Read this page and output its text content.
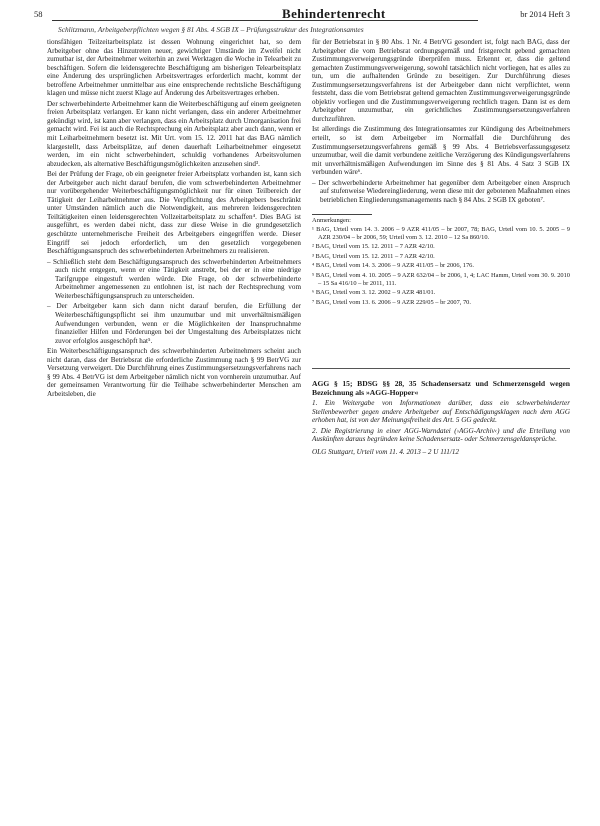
58	Behindertenrecht	br 2014 Heft 3
Schlitzmann, Arbeitgeberpflichten wegen § 81 Abs. 4 SGB IX – Prüfungsstruktur des Integrationsamtes

tionsfähigen Teilzeitarbeitsplatz ist dessen Wohnung eingerichtet hat, so dem Arbeitgeber ohne das Hinzutreten neuer, gewichtiger Umstände im Zweifel nicht zumutbar ist, der Arbeitnehmer weiterhin an zwei Werktagen die Woche in Telearbeit zu beschäftigen. Sofern die leidensgerechte Beschäftigung am bisherigen Telearbeitsplatz eine Änderung des ursprünglichen Arbeitsvertrages erforderlich macht, kommt der betroffene Arbeitnehmer unmittelbar aus eine entsprechende rechtsliche Beschäftigung klagen und müsse nicht zuerst Klage auf Änderung des Arbeitsvertrages erheben.

Der schwerbehinderte Arbeitnehmer kann die Weiterbeschäftigung auf einem geeigneten freien Arbeitsplatz verlangen. Er kann nicht verlangen, dass ein anderer Arbeitnehmer gekündigt wird, ist kann aber verlangen, dass ein Arbeitsplatz durch Umorganisation frei gemacht wird. Fei ist auch die Rechtsprechung ein Arbeitsplatz aber auch dann, wenn er mit Leiharbeitnehmern besetzt ist. Mit Urt. vom 15. 12. 2011 hat das BAG nämlich klargestellt, dass Arbeitsplätze, auf denen dauerhaft Leiharbeitnehmer eingesetzt werden, im ein nicht schwerbehindert, schuldig vorhandenes Arbeitsvolumen abzudecken, als alternative Beschäftigungsmöglichkeiten anzusehen sind³.

Bei der Prüfung der Frage, ob ein geeigneter freier Arbeitsplatz vorhanden ist, kann sich der Arbeitgeber auch nicht darauf berufen, die vom schwerbehinderten Arbeitnehmer nur vorübergehender Weiterbeschäftigungsmöglichkeit nur für einen Teilbereich der Tätigkeit der Leiharbeitnehmer aus. Die Verpflichtung des Arbeitgebers beschränkt unter Umständen nämlich auch die Notwendigkeit, aus mehreren leidensgerechten Teiltätigkeiten einen leidensgerechten Vollzeitarbeitsplatz zu schaffen⁴. Dies BAG ist ausgeführt, es werden dabei nicht, dass zur diese Weise in die grundgesetzlich geschützte unternehmerische Freiheit des Arbeitgebers eingegriffen werde. Dieser Eingriff sei jedoch erforderlich, um den gesetzlich vorgegebenen Beschäftigungsanspruch des schwerbehinderten Arbeitnehmers zu realisieren.

– Schließlich steht dem Beschäftigungsanspruch des schwerbehinderten Arbeitnehmers auch nicht entgegen, wenn er eine Tätigkeit anstrebt, bei der er in eine niedrige Tarifgruppe eingestuft werden würde. Die Frage, ob der schwerbehinderte Arbeitnehmer angemessenen zu entlohnen ist, ist nach der Rechtsprechung vom Weiterbeschäftigungsanspruch zu unterscheiden.

– Der Arbeitgeber kann sich dann nicht darauf berufen, die Erfüllung der Weiterbeschäftigungspflicht sei ihm unzumutbar und mit unverhältnismäßigen Aufwendungen verbunden, wenn er die Möglichkeiten der Inanspruchnahme finanzieller Hilfen und Förderungen bei der Umgestaltung des Arbeitsplatzes nicht zuvor erfolglos ausgeschöpft hat⁵.

Ein Weiterbeschäftigungsanspruch des schwerbehinderten Arbeitnehmers scheint auch nicht daran, dass der Betriebsrat die erforderliche Zustimmung nach § 99 BetrVG zur Versetzung verweigert. Die Durchführung eines Zustimmungsersetzungsverfahrens nach § 99 Abs. 4 BetrVG ist dem Arbeitgeber nämlich nicht von vornherein unzumutbar. Auf der gemeinsamen Verantwortung für die Teilhabe schwerbehinderter Menschen am Arbeitsleben, die

für der Betriebsrat in § 80 Abs. 1 Nr. 4 BetrVG gesondert ist, folgt nach BAG, dass der Arbeitgeber die vom Betriebsrat ordnungsgemäß und fristgerecht gebend gemachten Zustimmungsverweigerungsgründe überprüfen muss. Erkennt er, dass die geltend gemachten Zustimmungsverweigerung, sowohl tatsächlich nicht vorliegen, hat es alles zu tun, um die aufhaltenden Gründe zu beseitigen. Zur Durchführung dieses Zustimmungsersetzungsverfahrens ist der Arbeitgeber dann nicht verpflichtet, wenn feststeht, dass die vom Betriebsrat geltend gemachten Zustimmungsverweigerungsgründe objektiv vorliegen und die Zustimmungsverweigerung rechtlich tragen. Dann ist es dem Arbeitgeber unzumutbar, ein gerichtliches Zustimmungsersetzungsverfahren durchzuführen.

Ist allerdings die Zustimmung des Integrationsamtes zur Kündigung des Arbeitnehmers erteilt, so ist dem Arbeitgeber im Normalfall die Durchführung des Zustimmungsersetzungsverfahrens gemäß § 99 Abs. 4 Betriebsverfassungsgesetz unzumutbar, weil die damit verbundene zeitliche Verzögerung des Kündigungsverfahrens mit unverhältnismäßigen Aufwendungen im Sinne des § 81 Abs. 4 Satz 3 SGB IX verbunden wäre⁶.

– Der schwerbehinderte Arbeitnehmer hat gegenüber dem Arbeitgeber einen Anspruch auf stufenweise Wiedereingliederung, wenn diese mit der gebotenen Maßnahmen eines betrieblichen Eingliederungsmanagements nach § 84 Abs. 2 SGB IX geboten⁷.

Anmerkungen:

¹ BAG, Urteil vom 14. 3. 2006 – 9 AZR 411/05 – br 2007, 78; BAG, Urteil vom 10. 5. 2005 – 9 AZR 230/04 – br 2006, 59; Urteil vom 3. 12. 2010 – 12 Sa 860/10.

² BAG, Urteil vom 15. 12. 2011 – 7 AZR 42/10.

³ BAG, Urteil vom 15. 12. 2011 – 7 AZR 42/10.

⁴ BAG, Urteil vom 14. 3. 2006 – 9 AZR 411/05 – br 2006, 176.

⁵ BAG, Urteil vom 4. 10. 2005 – 9 AZR 632/04 – br 2006, 1, 4; LAC Hamm, Urteil vom 30. 9. 2010 – 15 Sa 416/10 – br 2011, 111.

⁶ BAG, Urteil vom 3. 12. 2002 – 9 AZR 481/01.

⁷ BAG, Urteil vom 13. 6. 2006 – 9 AZR 229/05 – br 2007, 70.

AGG § 15; BDSG §§ 28, 35 Schadensersatz und Schmerzensgeld wegen Bezeichnung als »AGG-Hopper«

1. Ein Weitergabe von Informationen darüber, dass ein schwerbehinderter Stellenbewerber gegen andere Arbeitgeber auf Entschädigungsklagen nach dem AGG erhoben hat, ist von der Meinungsfreiheit des Art. 5 GG gedeckt.

2. Die Registrierung in einer AGG-Warndatei (›AGG-Archiv‹) und die Erteilung von Auskünften daraus begründen keine Schadensersatz- oder Schmerzensgeldansprüche.

OLG Stuttgart, Urteil vom 11. 4. 2013 – 2 U 111/12
